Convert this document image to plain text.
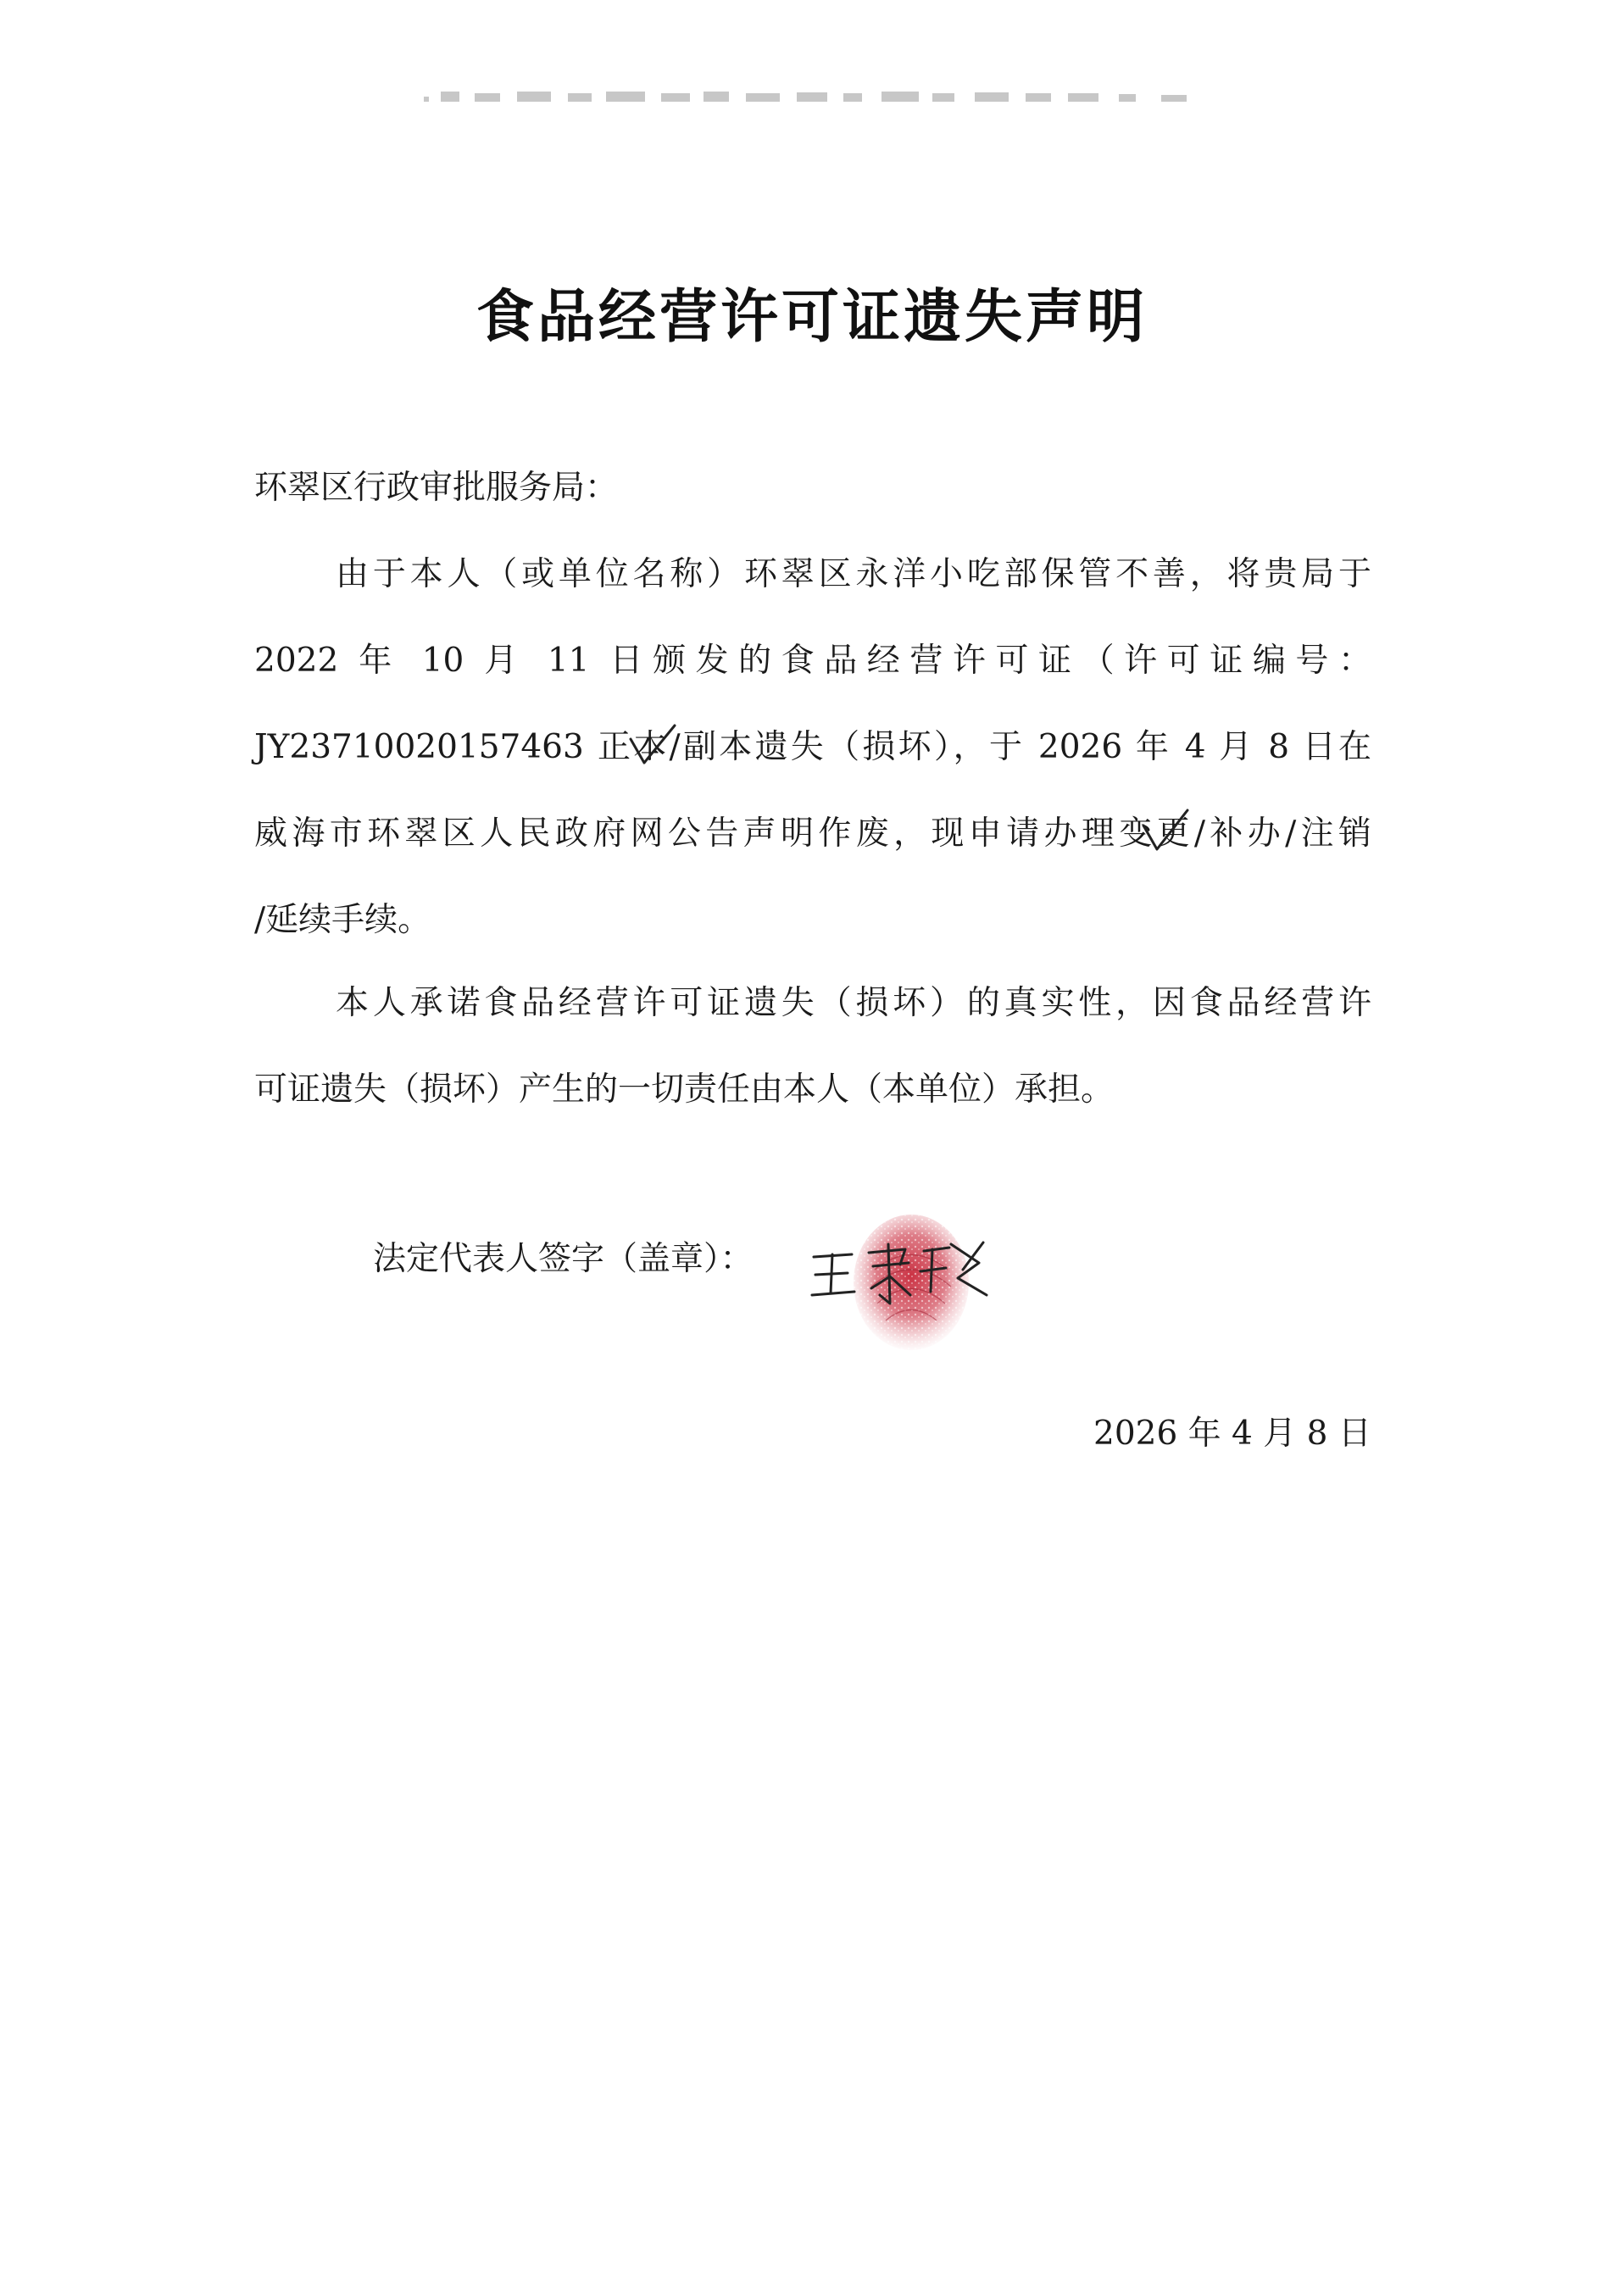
食品经营许可证遗失声明
环翠区行政审批服务局：
由于本人（或单位名称）环翠区永洋小吃部保管不善，将贵局于
2022 年 10 月 11 日颁发的食品经营许可证（许可证编号：
JY23710020157463 正本/副本遗失（损坏），于 2026 年 4 月 8 日在
威海市环翠区人民政府网公告声明作废，现申请办理变更/补办/注销
/延续手续。
本人承诺食品经营许可证遗失（损坏）的真实性，因食品经营许
可证遗失（损坏）产生的一切责任由本人（本单位）承担。
法定代表人签字（盖章）：
2026 年 4 月 8 日
